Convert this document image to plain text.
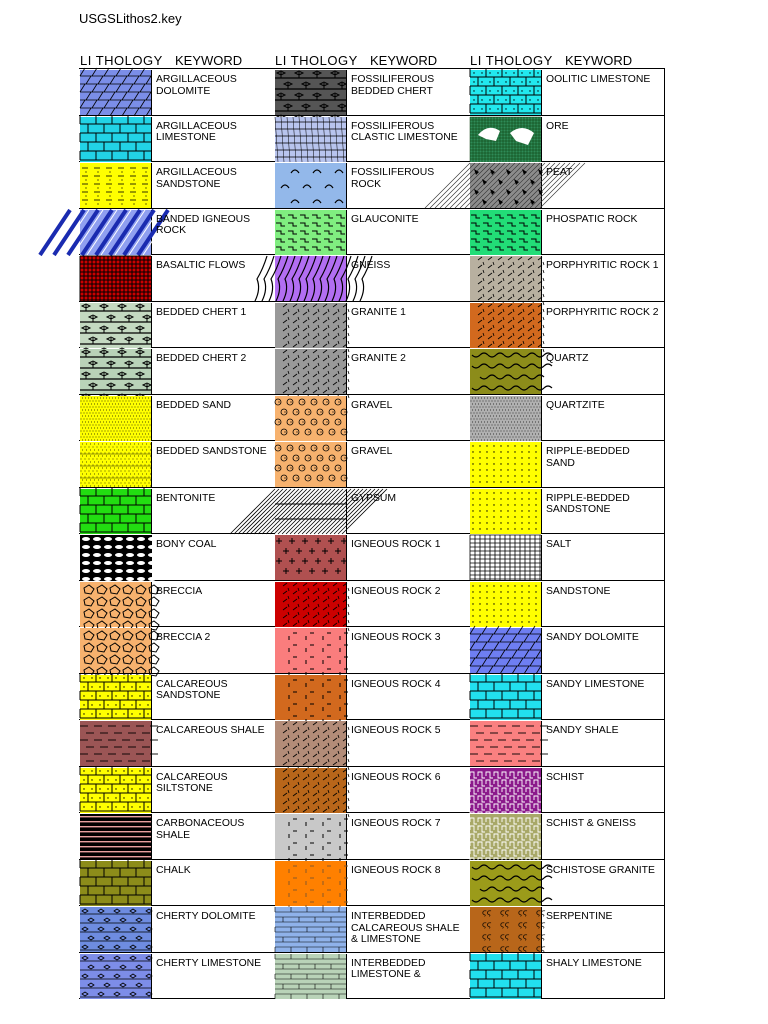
USGSLithos2.key
LI THOLOGY KEYWORD
ARGILLACEOUS DOLOMITE
ARGILLACEOUS LIMESTONE
ARGILLACEOUS SANDSTONE
BANDED IGNEOUS ROCK
BASALTIC FLOWS
BEDDED CHERT 1
BEDDED CHERT 2
BEDDED SAND
BEDDED SANDSTONE
BENTONITE
BONY COAL
BRECCIA
BRECCIA 2
CALCAREOUS SANDSTONE
CALCAREOUS SHALE
CALCAREOUS SILTSTONE
CARBONACEOUS SHALE
CHALK
CHERTY DOLOMITE
CHERTY LIMESTONE
LI THOLOGY KEYWORD
FOSSILIFEROUS BEDDED CHERT
FOSSILIFEROUS CLASTIC LIMESTONE
FOSSILIFEROUS ROCK
GLAUCONITE
GNEISS
GRANITE 1
GRANITE 2
GRAVEL
GRAVEL
GYPSUM
IGNEOUS ROCK 1
IGNEOUS ROCK 2
IGNEOUS ROCK 3
IGNEOUS ROCK 4
IGNEOUS ROCK 5
IGNEOUS ROCK 6
IGNEOUS ROCK 7
IGNEOUS ROCK 8
INTERBEDDED CALCAREOUS SHALE & LIMESTONE
INTERBEDDED LIMESTONE &
LI THOLOGY KEYWORD
OOLITIC LIMESTONE
ORE
PEAT
PHOSPATIC ROCK
PORPHYRITIC ROCK 1
PORPHYRITIC ROCK 2
QUARTZ
QUARTZITE
RIPPLE-BEDDED SAND
RIPPLE-BEDDED SANDSTONE
SALT
SANDSTONE
SANDY DOLOMITE
SANDY LIMESTONE
SANDY SHALE
SCHIST
SCHIST & GNEISS
SCHISTOSE GRANITE
ϛϛ ϛϛ ϛϛ ϛϛ
ϛϛ ϛϛ ϛϛ ϛϛ
ϛϛ ϛϛ ϛϛ ϛϛ
ϛϛ ϛϛ ϛϛ ϛϛ
SERPENTINE
SHALY LIMESTONE
